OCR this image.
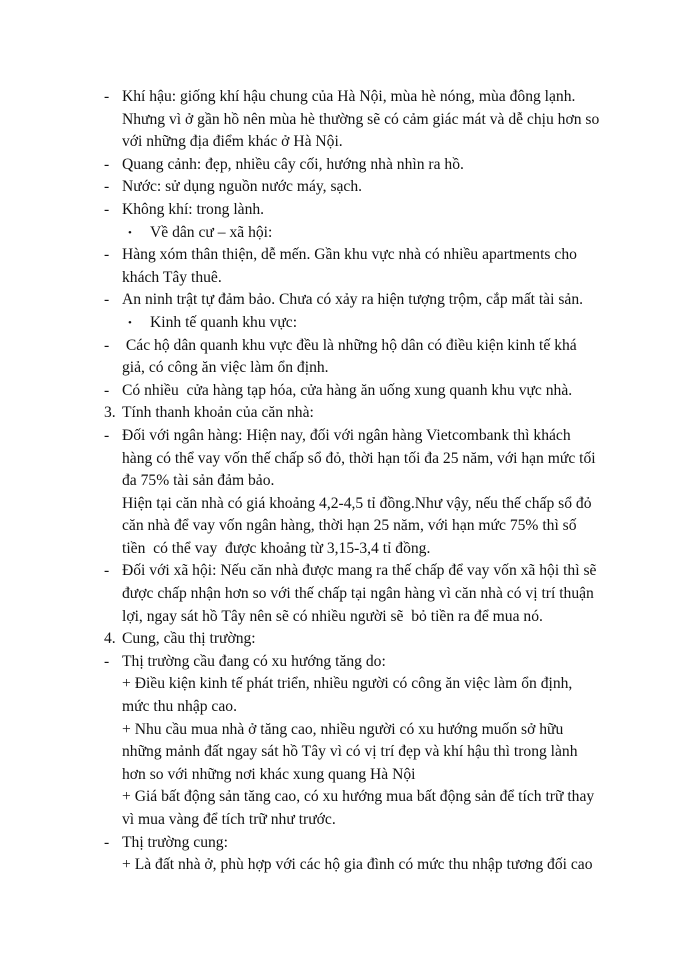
- Khí hậu: giống khí hậu chung của Hà Nội, mùa hè nóng, mùa đông lạnh.
Nhưng vì ở gần hồ nên mùa hè thường sẽ có cảm giác mát và dễ chịu hơn so
với những địa điểm khác ở Hà Nội.
- Quang cảnh: đẹp, nhiều cây cối, hướng nhà nhìn ra hồ.
- Nước: sử dụng nguồn nước máy, sạch.
- Không khí: trong lành.
• Về dân cư – xã hội:
- Hàng xóm thân thiện, dễ mến. Gần khu vực nhà có nhiều apartments cho
khách Tây thuê.
- An ninh trật tự đảm bảo. Chưa có xảy ra hiện tượng trộm, cắp mất tài sản.
• Kinh tế quanh khu vực:
- Các hộ dân quanh khu vực đều là những hộ dân có điều kiện kinh tế khá
giả, có công ăn việc làm ổn định.
- Có nhiều  cửa hàng tạp hóa, cửa hàng ăn uống xung quanh khu vực nhà.
3. Tính thanh khoản của căn nhà:
- Đối với ngân hàng: Hiện nay, đối với ngân hàng Vietcombank thì khách
hàng có thể vay vốn thế chấp sổ đỏ, thời hạn tối đa 25 năm, với hạn mức tối
đa 75% tài sản đảm bảo.
Hiện tại căn nhà có giá khoảng 4,2-4,5 tỉ đồng.Như vậy, nếu thế chấp sổ đỏ
căn nhà để vay vốn ngân hàng, thời hạn 25 năm, với hạn mức 75% thì số
tiền  có thể vay  được khoảng từ 3,15-3,4 tỉ đồng.
- Đối với xã hội: Nếu căn nhà được mang ra thế chấp để vay vốn xã hội thì sẽ
được chấp nhận hơn so với thế chấp tại ngân hàng vì căn nhà có vị trí thuận
lợi, ngay sát hồ Tây nên sẽ có nhiều người sẽ  bỏ tiền ra để mua nó.
4. Cung, cầu thị trường:
- Thị trường cầu đang có xu hướng tăng do:
+ Điều kiện kinh tế phát triển, nhiều người có công ăn việc làm ổn định,
mức thu nhập cao.
+ Nhu cầu mua nhà ở tăng cao, nhiều người có xu hướng muốn sở hữu
những mảnh đất ngay sát hồ Tây vì có vị trí đẹp và khí hậu thì trong lành
hơn so với những nơi khác xung quang Hà Nội
+ Giá bất động sản tăng cao, có xu hướng mua bất động sản để tích trữ thay
vì mua vàng để tích trữ như trước.
- Thị trường cung:
+ Là đất nhà ở, phù hợp với các hộ gia đình có mức thu nhập tương đối cao
